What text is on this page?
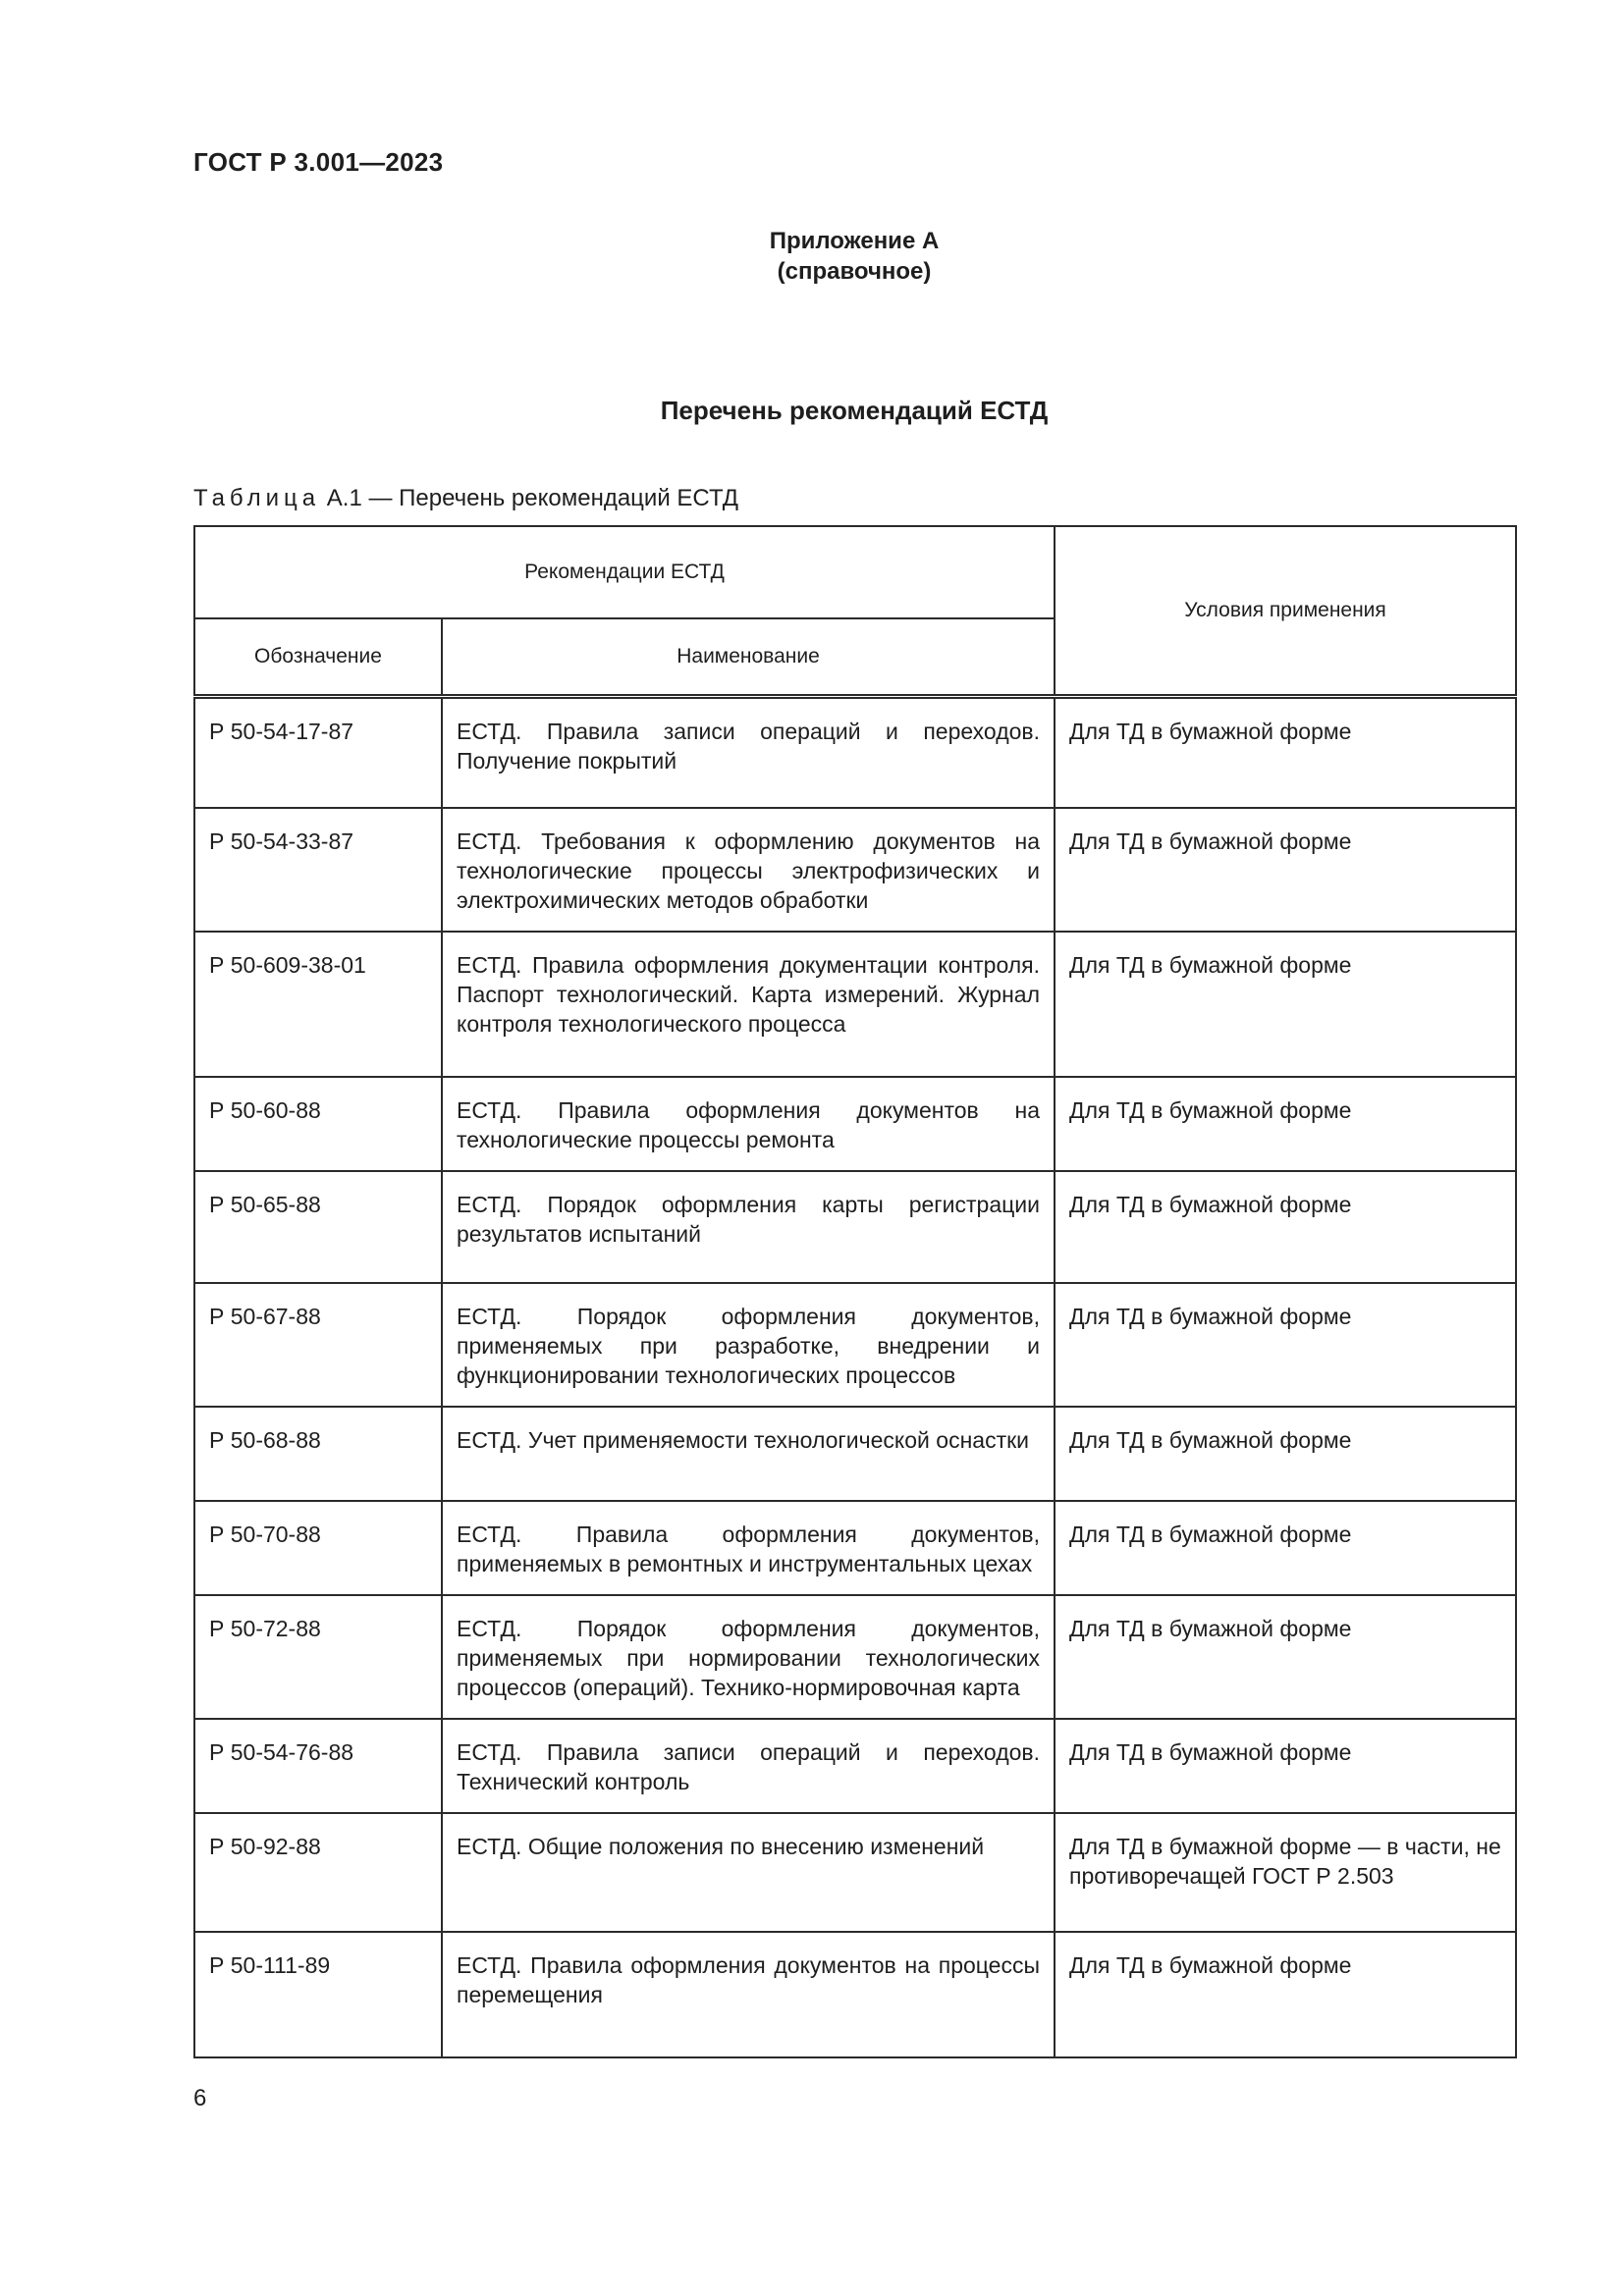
ГОСТ Р 3.001—2023
Приложение А
(справочное)
Перечень рекомендаций ЕСТД
Таблица А.1 — Перечень рекомендаций ЕСТД
Рекомендации ЕСТД		Условия применения
Обозначение	Наименование	
Р 50-54-17-87	ЕСТД. Правила записи операций и переходов. Получение покрытий	Для ТД в бумажной форме
Р 50-54-33-87	ЕСТД. Требования к оформлению документов на технологические процессы электрофизических и электрохимических методов обработки	Для ТД в бумажной форме
Р 50-609-38-01	ЕСТД. Правила оформления документации контроля. Паспорт технологический. Карта измерений. Журнал контроля технологического процесса	Для ТД в бумажной форме
Р 50-60-88	ЕСТД. Правила оформления документов на технологические процессы ремонта	Для ТД в бумажной форме
Р 50-65-88	ЕСТД. Порядок оформления карты регистрации результатов испытаний	Для ТД в бумажной форме
Р 50-67-88	ЕСТД. Порядок оформления документов, применяемых при разработке, внедрении и функционировании технологических процессов	Для ТД в бумажной форме
Р 50-68-88	ЕСТД. Учет применяемости технологической оснастки	Для ТД в бумажной форме
Р 50-70-88	ЕСТД. Правила оформления документов, применяемых в ремонтных и инструментальных цехах	Для ТД в бумажной форме
Р 50-72-88	ЕСТД. Порядок оформления документов, применяемых при нормировании технологических процессов (операций). Технико-нормировочная карта	Для ТД в бумажной форме
Р 50-54-76-88	ЕСТД. Правила записи операций и переходов. Технический контроль	Для ТД в бумажной форме
Р 50-92-88	ЕСТД. Общие положения по внесению изменений	Для ТД в бумажной форме — в части, не противоречащей ГОСТ Р 2.503
Р 50-111-89	ЕСТД. Правила оформления документов на процессы перемещения	Для ТД в бумажной форме
6
